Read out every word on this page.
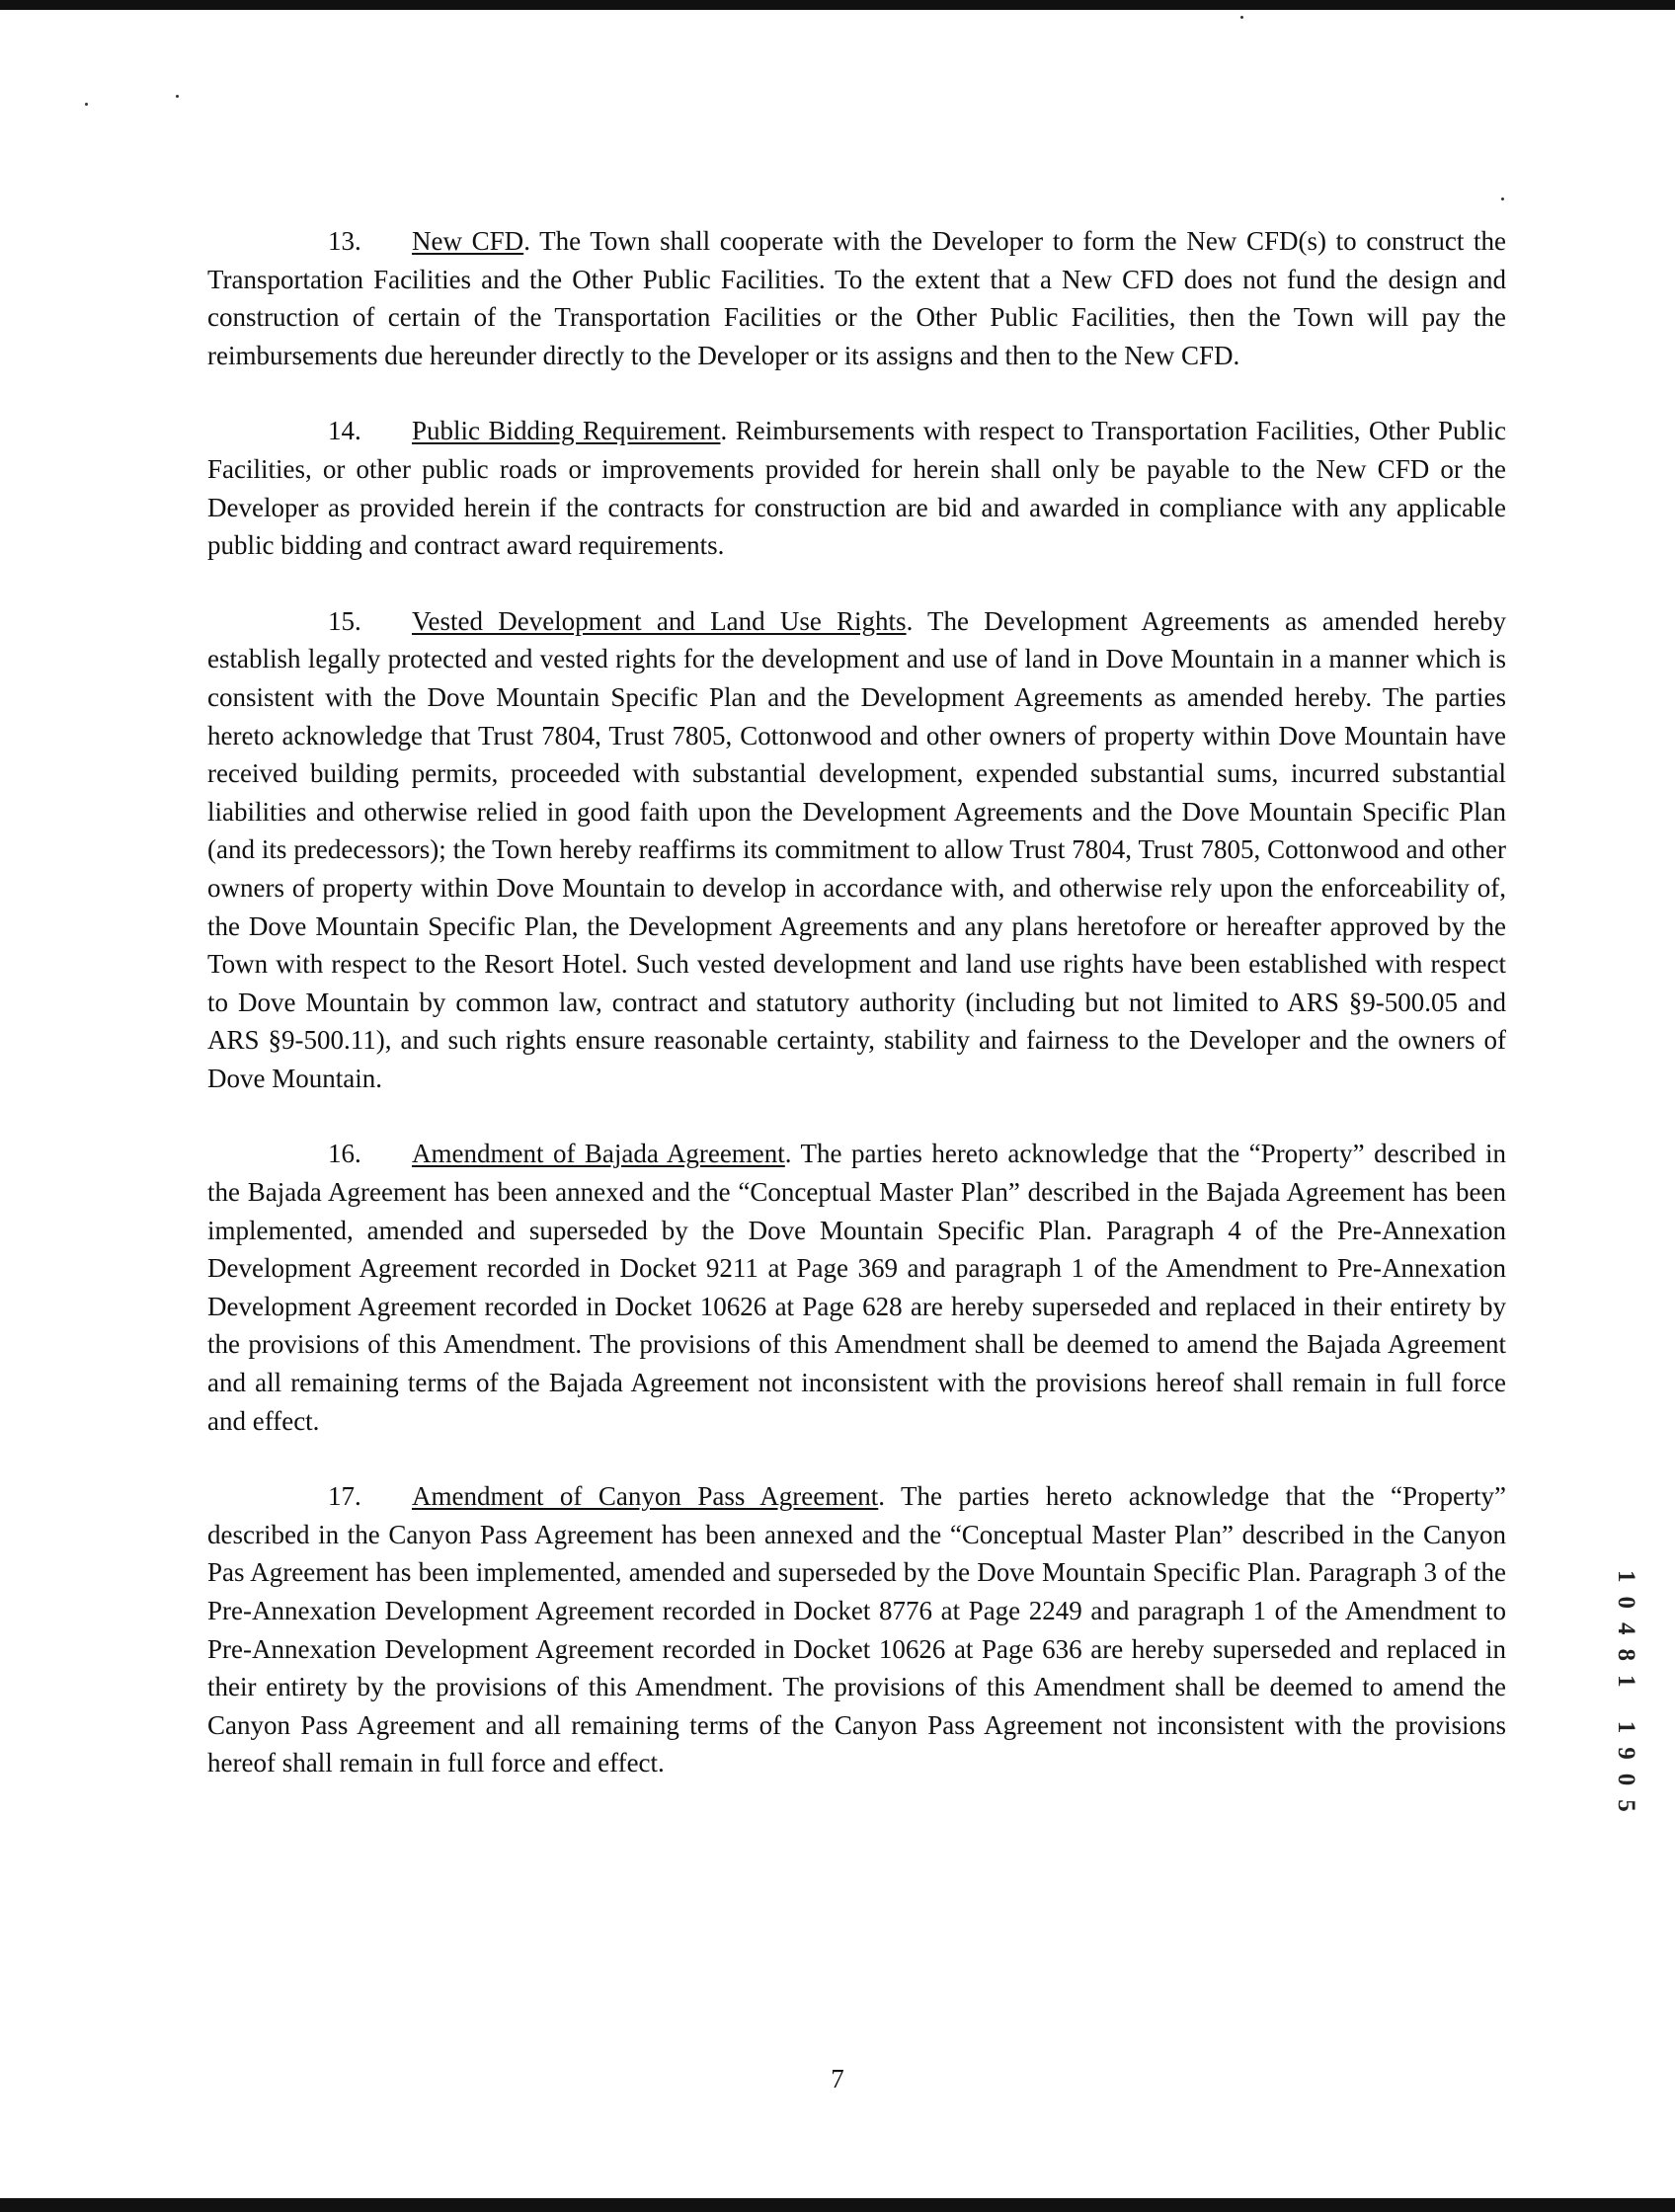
13. New CFD. The Town shall cooperate with the Developer to form the New CFD(s) to construct the Transportation Facilities and the Other Public Facilities. To the extent that a New CFD does not fund the design and construction of certain of the Transportation Facilities or the Other Public Facilities, then the Town will pay the reimbursements due hereunder directly to the Developer or its assigns and then to the New CFD.

14. Public Bidding Requirement. Reimbursements with respect to Transportation Facilities, Other Public Facilities, or other public roads or improvements provided for herein shall only be payable to the New CFD or the Developer as provided herein if the contracts for construction are bid and awarded in compliance with any applicable public bidding and contract award requirements.

15. Vested Development and Land Use Rights. The Development Agreements as amended hereby establish legally protected and vested rights for the development and use of land in Dove Mountain in a manner which is consistent with the Dove Mountain Specific Plan and the Development Agreements as amended hereby. The parties hereto acknowledge that Trust 7804, Trust 7805, Cottonwood and other owners of property within Dove Mountain have received building permits, proceeded with substantial development, expended substantial sums, incurred substantial liabilities and otherwise relied in good faith upon the Development Agreements and the Dove Mountain Specific Plan (and its predecessors); the Town hereby reaffirms its commitment to allow Trust 7804, Trust 7805, Cottonwood and other owners of property within Dove Mountain to develop in accordance with, and otherwise rely upon the enforceability of, the Dove Mountain Specific Plan, the Development Agreements and any plans heretofore or hereafter approved by the Town with respect to the Resort Hotel. Such vested development and land use rights have been established with respect to Dove Mountain by common law, contract and statutory authority (including but not limited to ARS §9-500.05 and ARS §9-500.11), and such rights ensure reasonable certainty, stability and fairness to the Developer and the owners of Dove Mountain.

16. Amendment of Bajada Agreement. The parties hereto acknowledge that the “Property” described in the Bajada Agreement has been annexed and the “Conceptual Master Plan” described in the Bajada Agreement has been implemented, amended and superseded by the Dove Mountain Specific Plan. Paragraph 4 of the Pre-Annexation Development Agreement recorded in Docket 9211 at Page 369 and paragraph 1 of the Amendment to Pre-Annexation Development Agreement recorded in Docket 10626 at Page 628 are hereby superseded and replaced in their entirety by the provisions of this Amendment. The provisions of this Amendment shall be deemed to amend the Bajada Agreement and all remaining terms of the Bajada Agreement not inconsistent with the provisions hereof shall remain in full force and effect.

17. Amendment of Canyon Pass Agreement. The parties hereto acknowledge that the “Property” described in the Canyon Pass Agreement has been annexed and the “Conceptual Master Plan” described in the Canyon Pas Agreement has been implemented, amended and superseded by the Dove Mountain Specific Plan. Paragraph 3 of the Pre-Annexation Development Agreement recorded in Docket 8776 at Page 2249 and paragraph 1 of the Amendment to Pre-Annexation Development Agreement recorded in Docket 10626 at Page 636 are hereby superseded and replaced in their entirety by the provisions of this Amendment. The provisions of this Amendment shall be deemed to amend the Canyon Pass Agreement and all remaining terms of the Canyon Pass Agreement not inconsistent with the provisions hereof shall remain in full force and effect.	10481 1905
7
